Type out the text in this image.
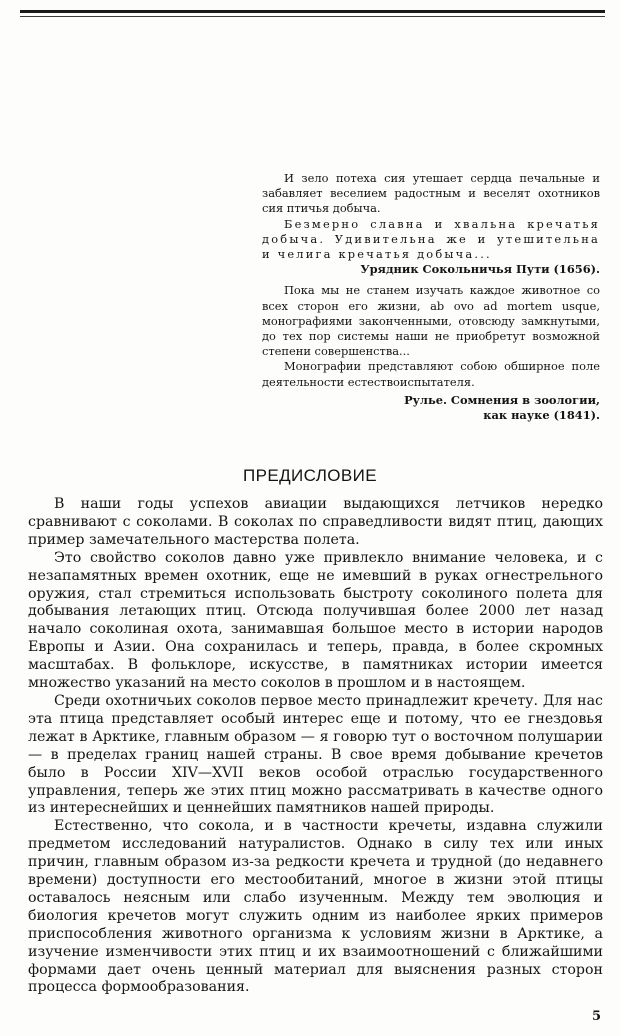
И зело потеха сия утешает сердца печальные и забавляет веселием радостным и веселят охотников сия птичья добыча.

Безмерно славна и хвальна кречатья добыча. Удивительна же и утешительна и челига кречатья добыча...

Урядник Сокольничья Пути (1656).

Пока мы не станем изучать каждое животное со всех сторон его жизни, ab ovo ad mortem usque, монографиями законченными, отовсюду замкнутыми, до тех пор системы наши не приобретут возможной степени совершенства...

Монографии представляют собою обширное поле деятельности естествоиспытателя.

Рулье. Сомнения в зоологии,
как науке (1841).
ПРЕДИСЛОВИЕ

В наши годы успехов авиации выдающихся летчиков нередко сравнивают с соколами. В соколах по справедливости видят птиц, дающих пример замечательного мастерства полета.

Это свойство соколов давно уже привлекло внимание человека, и с незапамятных времен охотник, еще не имевший в руках огнестрельного оружия, стал стремиться использовать быстроту соколиного полета для добывания летающих птиц. Отсюда получившая более 2000 лет назад начало соколиная охота, занимавшая большое место в истории народов Европы и Азии. Она сохранилась и теперь, правда, в более скромных масштабах. В фольклоре, искусстве, в памятниках истории имеется множество указаний на место соколов в прошлом и в настоящем.

Среди охотничьих соколов первое место принадлежит кречету. Для нас эта птица представляет особый интерес еще и потому, что ее гнездовья лежат в Арктике, главным образом — я говорю тут о восточном полушарии — в пределах границ нашей страны. В свое время добывание кречетов было в России XIV—XVII веков особой отраслью государственного управления, теперь же этих птиц можно рассматривать в качестве одного из интереснейших и ценнейших памятников нашей природы.

Естественно, что сокола, и в частности кречеты, издавна служили предметом исследований натуралистов. Однако в силу тех или иных причин, главным образом из-за редкости кречета и трудной (до недавнего времени) доступности его местообитаний, многое в жизни этой птицы оставалось неясным или слабо изученным. Между тем эволюция и биология кречетов могут служить одним из наиболее ярких примеров приспособления животного организма к условиям жизни в Арктике, а изучение изменчивости этих птиц и их взаимоотношений с ближайшими формами дает очень ценный материал для выяснения разных сторон процесса формообразования.

5
